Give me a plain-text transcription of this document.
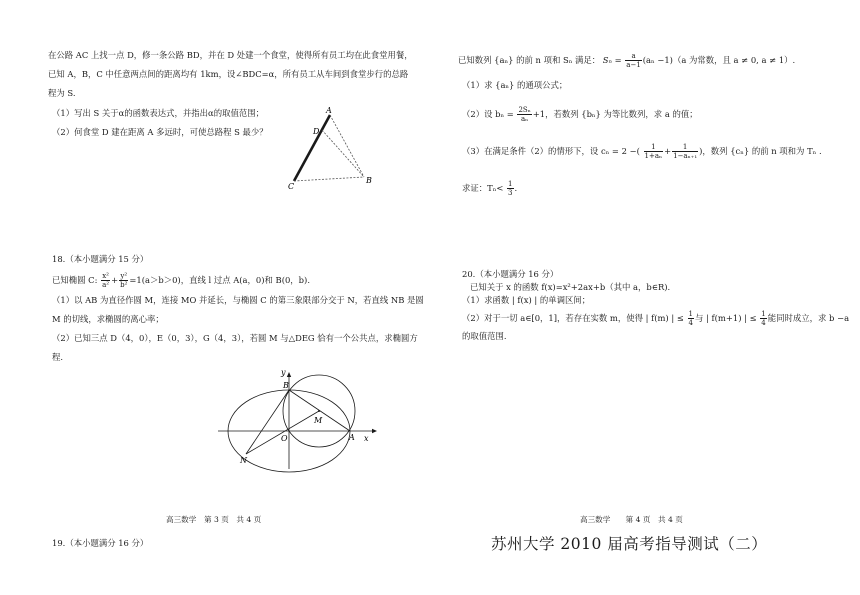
在公路 AC 上找一点 D，修一条公路 BD，并在 D 处建一个食堂，使得所有员工均在此食堂用餐，
已知 A，B，C 中任意两点间的距离均有 1km，设∠BDC=α，所有员工从车间到食堂步行的总路
程为 S.
（1）写出 S 关于α的函数表达式，并指出α的取值范围；
（2）何食堂 D 建在距离 A 多远时，可使总路程 S 最少？
A
D
C
B
18.（本小题满分 15 分）
已知椭圆 C: $\frac{\text{x²}}{\text{a²}} + \frac{\text{y²}}{\text{b²}} =1(a>b>0)$，直线 l 过点 A(a，0)和 B(0，b).
（1）以 AB 为直径作圆 M，连接 MO 并延长，与椭圆 C 的第三象限部分交于 N，若直线 NB 是圆
M 的切线，求椭圆的离心率；
（2）已知三点 D（4，0），E（0，3），G（4，3），若圆 M 与△DEG 恰有一个公共点，求椭圆方
程.
y
x
B
M
O	A
N
高三数学　第 3 页　共 4 页
19.（本小题满分 16 分）
已知数列 {aₙ} 的前 n 项和 Sₙ 满足： $S_n = \frac{a}{a-1} (a_n -1)(a$ 为常数，且 a ≠ 0, a ≠ 1）.
（1）求 {aₙ} 的通项公式；
（2）设 $b_n = \frac{\text{2Sₙ}}{\text{aₙ}} +1$，若数列 {bₙ} 为等比数列，求 a 的值；
（3）在满足条件（2）的情形下，设 cₙ = 2 −( $\frac{1}{\text{1+aₙ}} + \frac{1}{\text{1−aₙ₊₁}}$ )，数列 {cₙ} 的前 n 项和为 Tₙ .
求证：$T_n< \frac{1}{3}$ .
20.（本小题满分 16 分）
已知关于 x 的函数 f(x)=x²+2ax+b（其中 a，b∈R).
（1）求函数 | f(x) | 的单调区间；
（2）对于一切 a∈[0，1]，若存在实数 m，使得 | f(m) | ≤ $\frac{1}{4}$ 与 | f(m+1) | ≤ $\frac{1}{4}$ 能同时成立，求 b −a
的取值范围.
高三数学　　第 4 页　共 4 页
苏州大学 2010 届高考指导测试（二）
